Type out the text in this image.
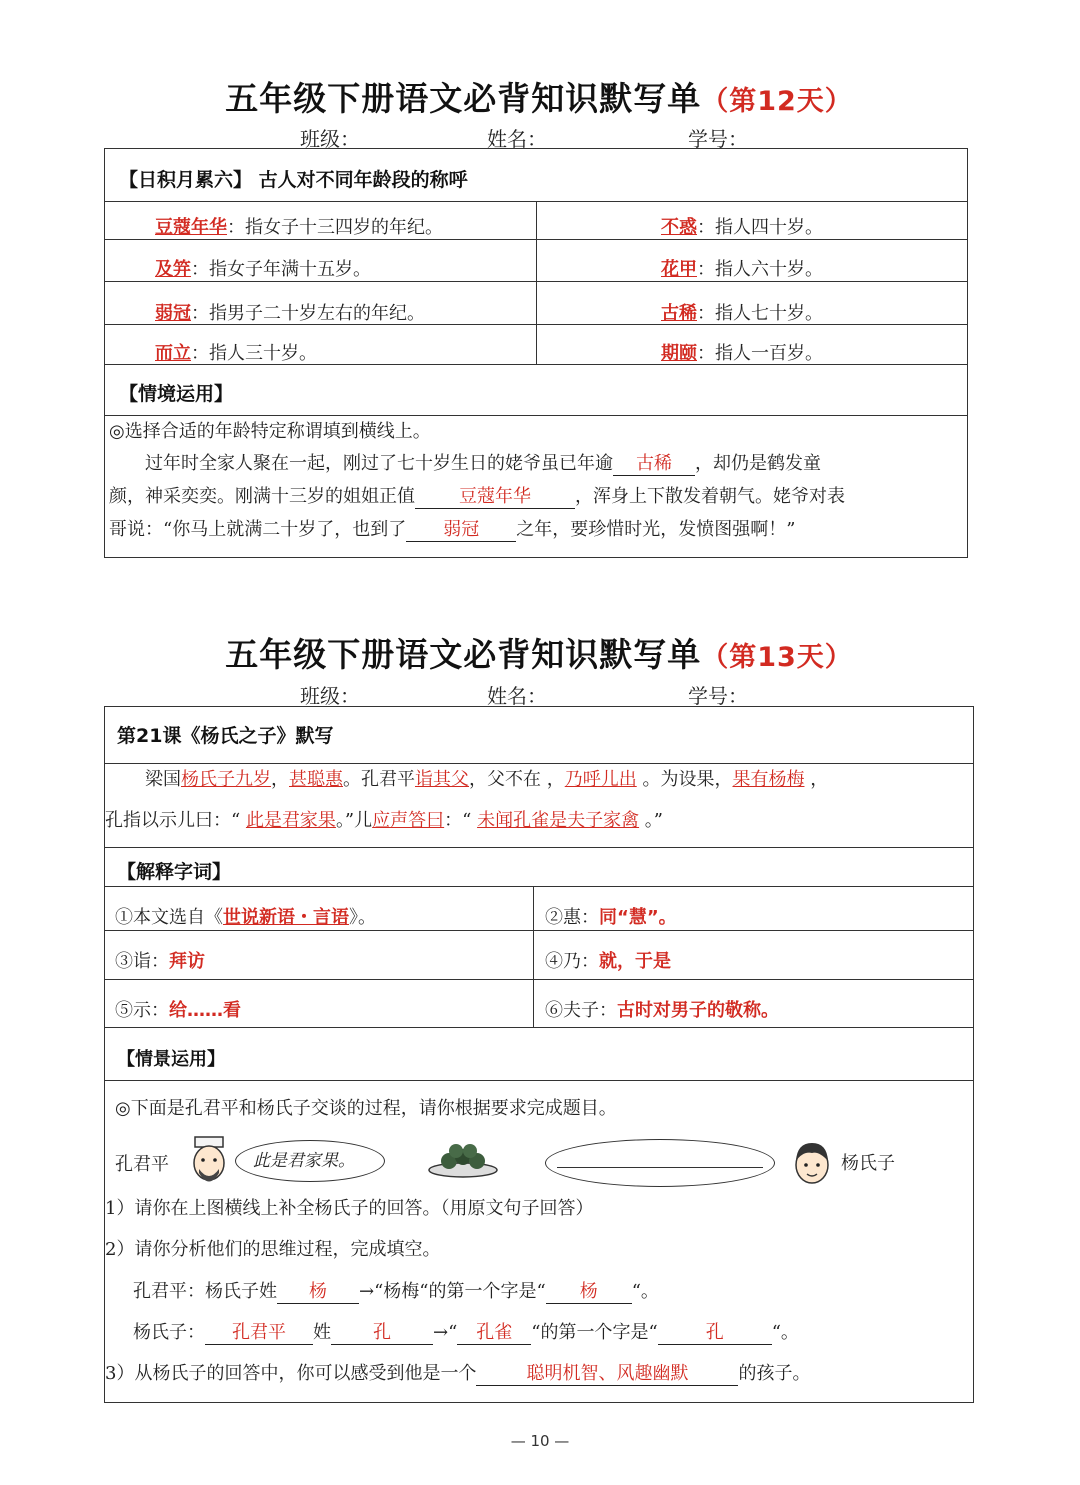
五年级下册语文必背知识默写单（第12天）
班级：	姓名：	学号：
【日积月累六】 古人对不同年龄段的称呼
豆蔻年华：指女子十三四岁的年纪。	不惑：指人四十岁。
及笄：指女子年满十五岁。	花甲：指人六十岁。
弱冠：指男子二十岁左右的年纪。	古稀：指人七十岁。
而立：指人三十岁。	期颐：指人一百岁。
【情境运用】
◎选择合适的年龄特定称谓填到横线上。
　　过年时全家人聚在一起，刚过了七十岁生日的姥爷虽已年逾 古稀 ，却仍是鹤发童
颜，神采奕奕。刚满十三岁的姐姐正值 豆蔻年华 ，浑身上下散发着朝气。姥爷对表
哥说：“你马上就满二十岁了，也到了 弱冠 之年，要珍惜时光，发愤图强啊！”
五年级下册语文必背知识默写单（第13天）
班级：	姓名：	学号：
第21课《杨氏之子》默写
　　梁国杨氏子九岁，甚聪惠。孔君平诣其父，父不在 ，乃呼儿出 。为设果，果有杨梅 ，
孔指以示儿曰：“ 此是君家果。”儿应声答曰：“ 未闻孔雀是夫子家禽 。”
【解释字词】
①本文选自《世说新语・言语》。	②惠：同“慧”。
③诣：拜访	④乃：就，于是
⑤示：给……看	⑥夫子：古时对男子的敬称。
【情景运用】
◎下面是孔君平和杨氏子交谈的过程，请你根据要求完成题目。
孔君平	此是君家果。	杨氏子
1）请你在上图横线上补全杨氏子的回答。（用原文句子回答）
2）请你分析他们的思维过程，完成填空。
孔君平：杨氏子姓 杨 →“杨梅“的第一个字是“ 杨 “。
杨氏子： 孔君平 姓 孔 →“ 孔雀 “的第一个字是“	孔	“。
3）从杨氏子的回答中，你可以感受到他是一个	聪明机智、风趣幽默	的孩子。
— 10 —
